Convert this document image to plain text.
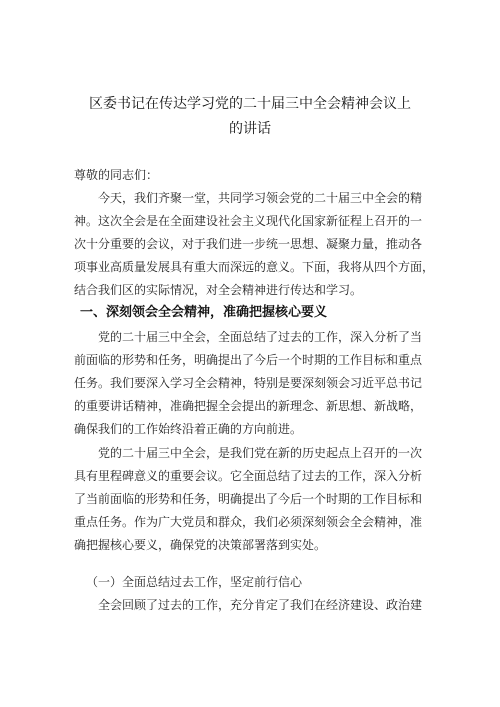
区委书记在传达学习党的二十届三中全会精神会议上
的讲话
尊敬的同志们：
今天，我们齐聚一堂，共同学习领会党的二十届三中全会的精
神。这次全会是在全面建设社会主义现代化国家新征程上召开的一
次十分重要的会议，对于我们进一步统一思想、凝聚力量，推动各
项事业高质量发展具有重大而深远的意义。下面，我将从四个方面，
结合我们区的实际情况，对全会精神进行传达和学习。
一、深刻领会全会精神，准确把握核心要义
党的二十届三中全会，全面总结了过去的工作，深入分析了当
前面临的形势和任务，明确提出了今后一个时期的工作目标和重点
任务。我们要深入学习全会精神，特别是要深刻领会习近平总书记
的重要讲话精神，准确把握全会提出的新理念、新思想、新战略，
确保我们的工作始终沿着正确的方向前进。
党的二十届三中全会，是我们党在新的历史起点上召开的一次
具有里程碑意义的重要会议。它全面总结了过去的工作，深入分析
了当前面临的形势和任务，明确提出了今后一个时期的工作目标和
重点任务。作为广大党员和群众，我们必须深刻领会全会精神，准
确把握核心要义，确保党的决策部署落到实处。
（一）全面总结过去工作，坚定前行信心
全会回顾了过去的工作，充分肯定了我们在经济建设、政治建
